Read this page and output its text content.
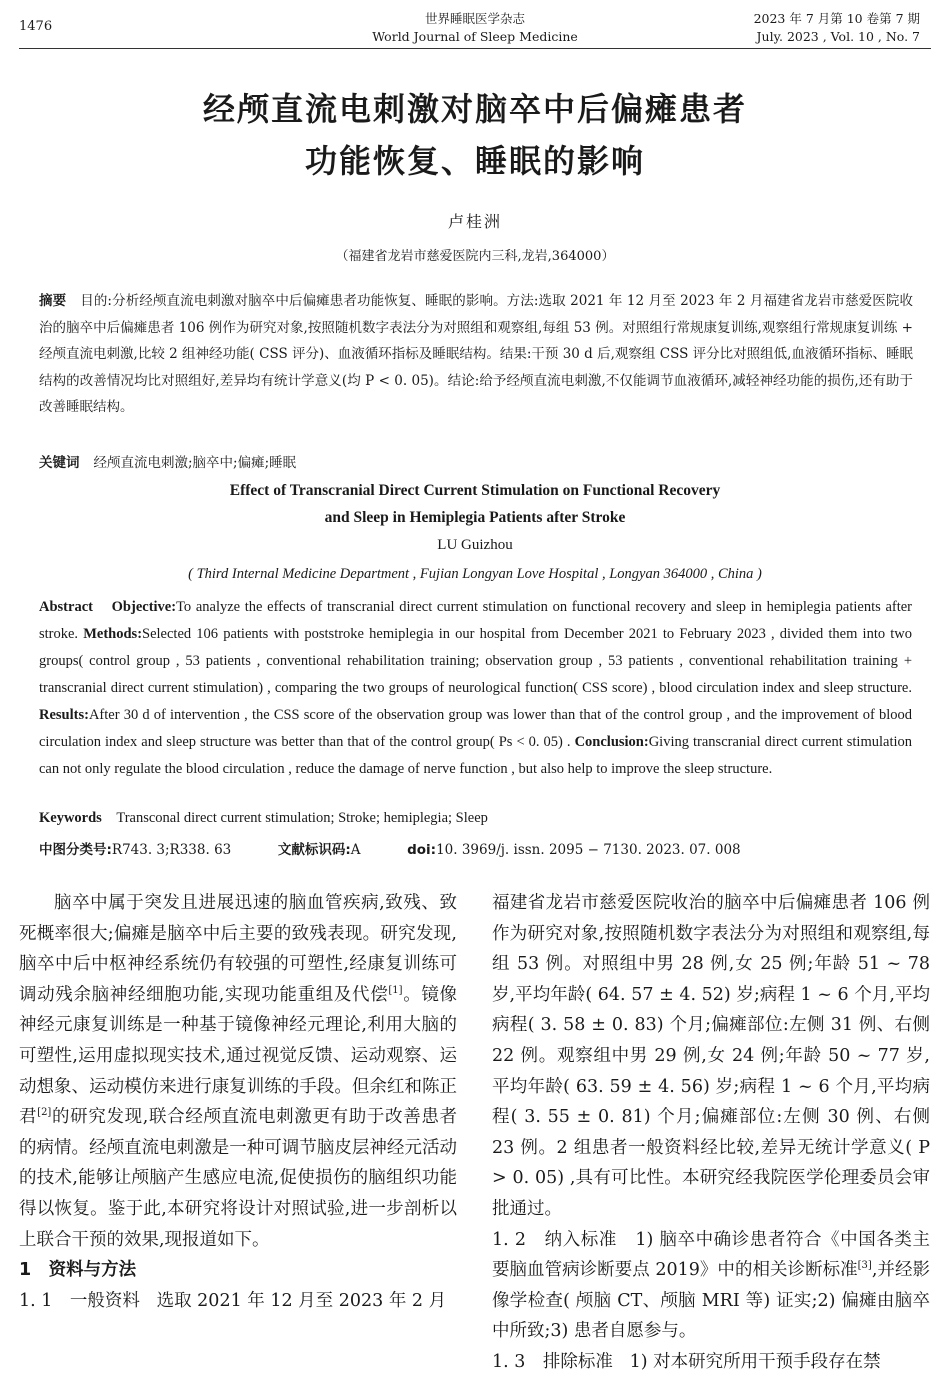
1476
世界睡眠医学杂志
World Journal of Sleep Medicine
2023 年 7 月第 10 卷第 7 期
July. 2023 , Vol. 10 , No. 7
经颅直流电刺激对脑卒中后偏瘫患者
功能恢复、睡眠的影响
卢桂洲
（福建省龙岩市慈爱医院内三科,龙岩,364000）
摘要 目的:分析经颅直流电刺激对脑卒中后偏瘫患者功能恢复、睡眠的影响。方法:选取 2021 年 12 月至 2023 年 2 月福建省龙岩市慈爱医院收治的脑卒中后偏瘫患者 106 例作为研究对象,按照随机数字表法分为对照组和观察组,每组 53 例。对照组行常规康复训练,观察组行常规康复训练 + 经颅直流电刺激,比较 2 组神经功能( CSS 评分)、血液循环指标及睡眠结构。结果:干预 30 d 后,观察组 CSS 评分比对照组低,血液循环指标、睡眠结构的改善情况均比对照组好,差异均有统计学意义(均 P < 0. 05)。结论:给予经颅直流电刺激,不仅能调节血液循环,减轻神经功能的损伤,还有助于改善睡眠结构。
关键词 经颅直流电刺激;脑卒中;偏瘫;睡眠
Effect of Transcranial Direct Current Stimulation on Functional Recovery
and Sleep in Hemiplegia Patients after Stroke
LU Guizhou
( Third Internal Medicine Department , Fujian Longyan Love Hospital , Longyan 364000 , China )
Abstract Objective:To analyze the effects of transcranial direct current stimulation on functional recovery and sleep in hemiplegia patients after stroke. Methods:Selected 106 patients with poststroke hemiplegia in our hospital from December 2021 to February 2023 , divided them into two groups( control group , 53 patients , conventional rehabilitation training; observation group , 53 patients , conventional rehabilitation training + transcranial direct current stimulation) , comparing the two groups of neurological function( CSS score) , blood circulation index and sleep structure. Results:After 30 d of intervention , the CSS score of the observation group was lower than that of the control group , and the improvement of blood circulation index and sleep structure was better than that of the control group( Ps < 0. 05) . Conclusion:Giving transcranial direct current stimulation can not only regulate the blood circulation , reduce the damage of nerve function , but also help to improve the sleep structure.
Keywords Transconal direct current stimulation; Stroke; hemiplegia; Sleep
中图分类号:R743. 3;R338. 63	文献标识码:A	doi:10. 3969/j. issn. 2095 − 7130. 2023. 07. 008

脑卒中属于突发且进展迅速的脑血管疾病,致残、致死概率很大;偏瘫是脑卒中后主要的致残表现。研究发现,脑卒中后中枢神经系统仍有较强的可塑性,经康复训练可调动残余脑神经细胞功能,实现功能重组及代偿[1]。镜像神经元康复训练是一种基于镜像神经元理论,利用大脑的可塑性,运用虚拟现实技术,通过视觉反馈、运动观察、运动想象、运动模仿来进行康复训练的手段。但余红和陈正君[2]的研究发现,联合经颅直流电刺激更有助于改善患者的病情。经颅直流电刺激是一种可调节脑皮层神经元活动的技术,能够让颅脑产生感应电流,促使损伤的脑组织功能得以恢复。鉴于此,本研究将设计对照试验,进一步剖析以上联合干预的效果,现报道如下。

1　资料与方法

1. 1　一般资料 选取 2021 年 12 月至 2023 年 2 月

福建省龙岩市慈爱医院收治的脑卒中后偏瘫患者 106 例作为研究对象,按照随机数字表法分为对照组和观察组,每组 53 例。对照组中男 28 例,女 25 例;年龄 51 ~ 78 岁,平均年龄( 64. 57 ± 4. 52) 岁;病程 1 ~ 6 个月,平均病程( 3. 58 ± 0. 83) 个月;偏瘫部位:左侧 31 例、右侧 22 例。观察组中男 29 例,女 24 例;年龄 50 ~ 77 岁,平均年龄( 63. 59 ± 4. 56) 岁;病程 1 ~ 6 个月,平均病程( 3. 55 ± 0. 81) 个月;偏瘫部位:左侧 30 例、右侧 23 例。2 组患者一般资料经比较,差异无统计学意义( P > 0. 05) ,具有可比性。本研究经我院医学伦理委员会审批通过。

1. 2　纳入标准 1) 脑卒中确诊患者符合《中国各类主要脑血管病诊断要点 2019》中的相关诊断标准[3],并经影像学检查( 颅脑 CT、颅脑 MRI 等) 证实;2) 偏瘫由脑卒中所致;3) 患者自愿参与。

1. 3　排除标准 1) 对本研究所用干预手段存在禁
